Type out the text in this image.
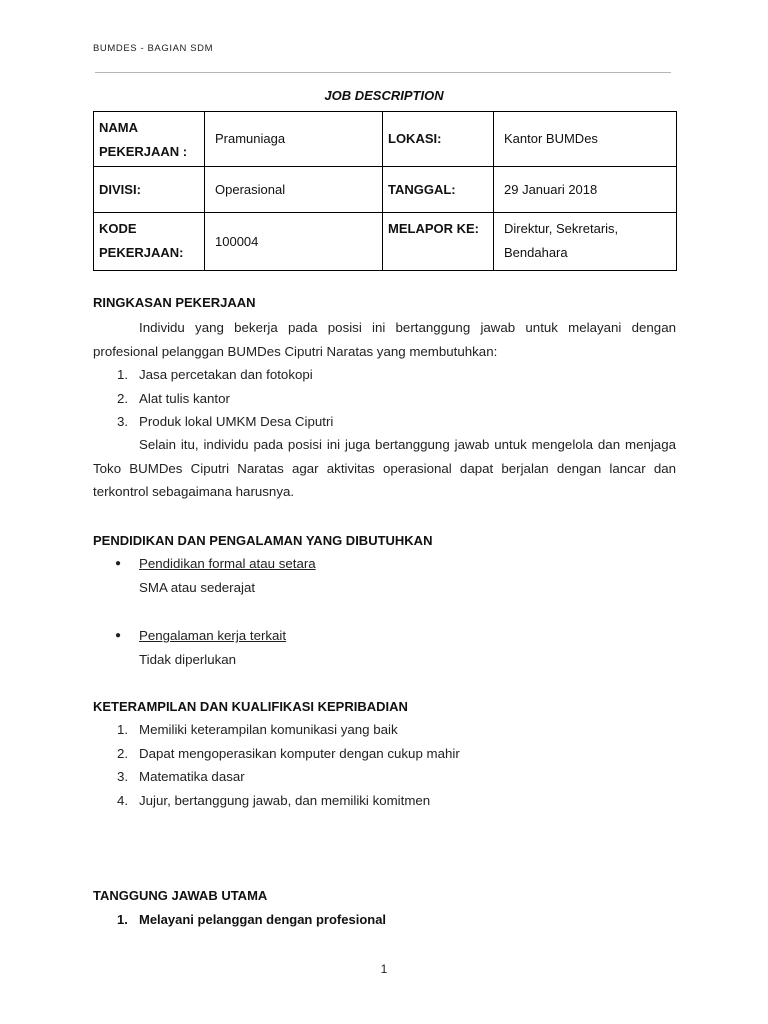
BUMDES - BAGIAN SDM
JOB DESCRIPTION
NAMA PEKERJAAN :	Pramuniaga	LOKASI:	Kantor BUMDes
DIVISI:	Operasional	TANGGAL:	29 Januari 2018
KODE PEKERJAAN:	100004	MELAPOR KE:	Direktur, Sekretaris, Bendahara
RINGKASAN PEKERJAAN
Individu yang bekerja pada posisi ini bertanggung jawab untuk melayani dengan profesional pelanggan BUMDes Ciputri Naratas yang membutuhkan:
1. Jasa percetakan dan fotokopi
2. Alat tulis kantor
3. Produk lokal UMKM Desa Ciputri
Selain itu, individu pada posisi ini juga bertanggung jawab untuk mengelola dan menjaga Toko BUMDes Ciputri Naratas agar aktivitas operasional dapat berjalan dengan lancar dan terkontrol sebagaimana harusnya.
PENDIDIKAN DAN PENGALAMAN YANG DIBUTUHKAN
● Pendidikan formal atau setara
SMA atau sederajat
● Pengalaman kerja terkait
Tidak diperlukan
KETERAMPILAN DAN KUALIFIKASI KEPRIBADIAN
1. Memiliki keterampilan komunikasi yang baik
2. Dapat mengoperasikan komputer dengan cukup mahir
3. Matematika dasar
4. Jujur, bertanggung jawab, dan memiliki komitmen
TANGGUNG JAWAB UTAMA
1. Melayani pelanggan dengan profesional
1
